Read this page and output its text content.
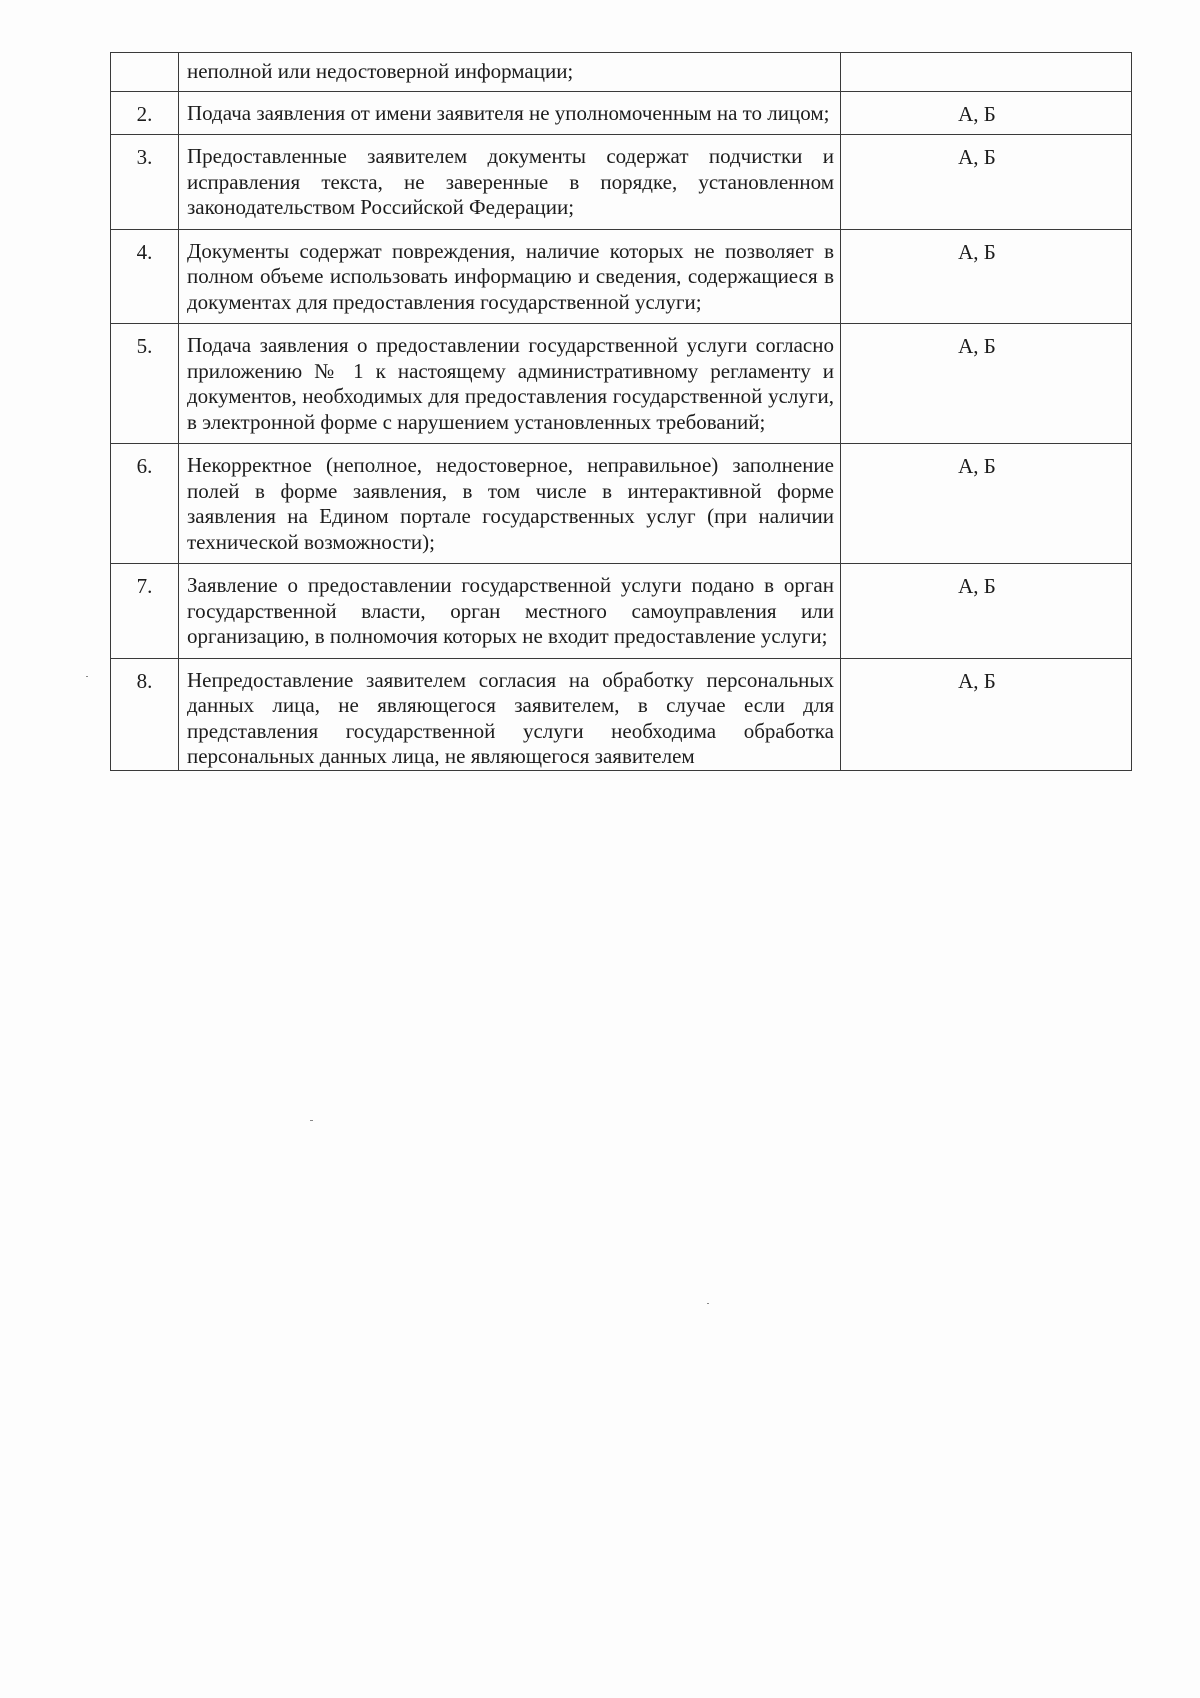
	неполной или недостоверной информации;	

2.	Подача заявления от имени заявителя не уполномоченным на то лицом;	А, Б

3.	Предоставленные заявителем документы содержат подчистки и исправления текста, не заверенные в порядке, установленном законодательством Российской Федерации;	А, Б

4.	Документы содержат повреждения, наличие которых не позволяет в полном объеме использовать информацию и сведения, содержащиеся в документах для предоставления государственной услуги;	А, Б

5.	Подача заявления о предоставлении государственной услуги согласно приложению № 1 к настоящему административному регламенту и документов, необходимых для предоставления государственной услуги, в электронной форме с нарушением установленных требований;	А, Б

6.	Некорректное (неполное, недостоверное, неправильное) заполнение полей в форме заявления, в том числе в интерактивной форме заявления на Едином портале государственных услуг (при наличии технической возможности);	А, Б

7.	Заявление о предоставлении государственной услуги подано в орган государственной власти, орган местного самоуправления или организацию, в полномочия которых не входит предоставление услуги;	А, Б

8.	Непредоставление заявителем согласия на обработку персональных данных лица, не являющегося заявителем, в случае если для представления государственной услуги необходима обработка персональных данных лица, не являющегося заявителем	А, Б
